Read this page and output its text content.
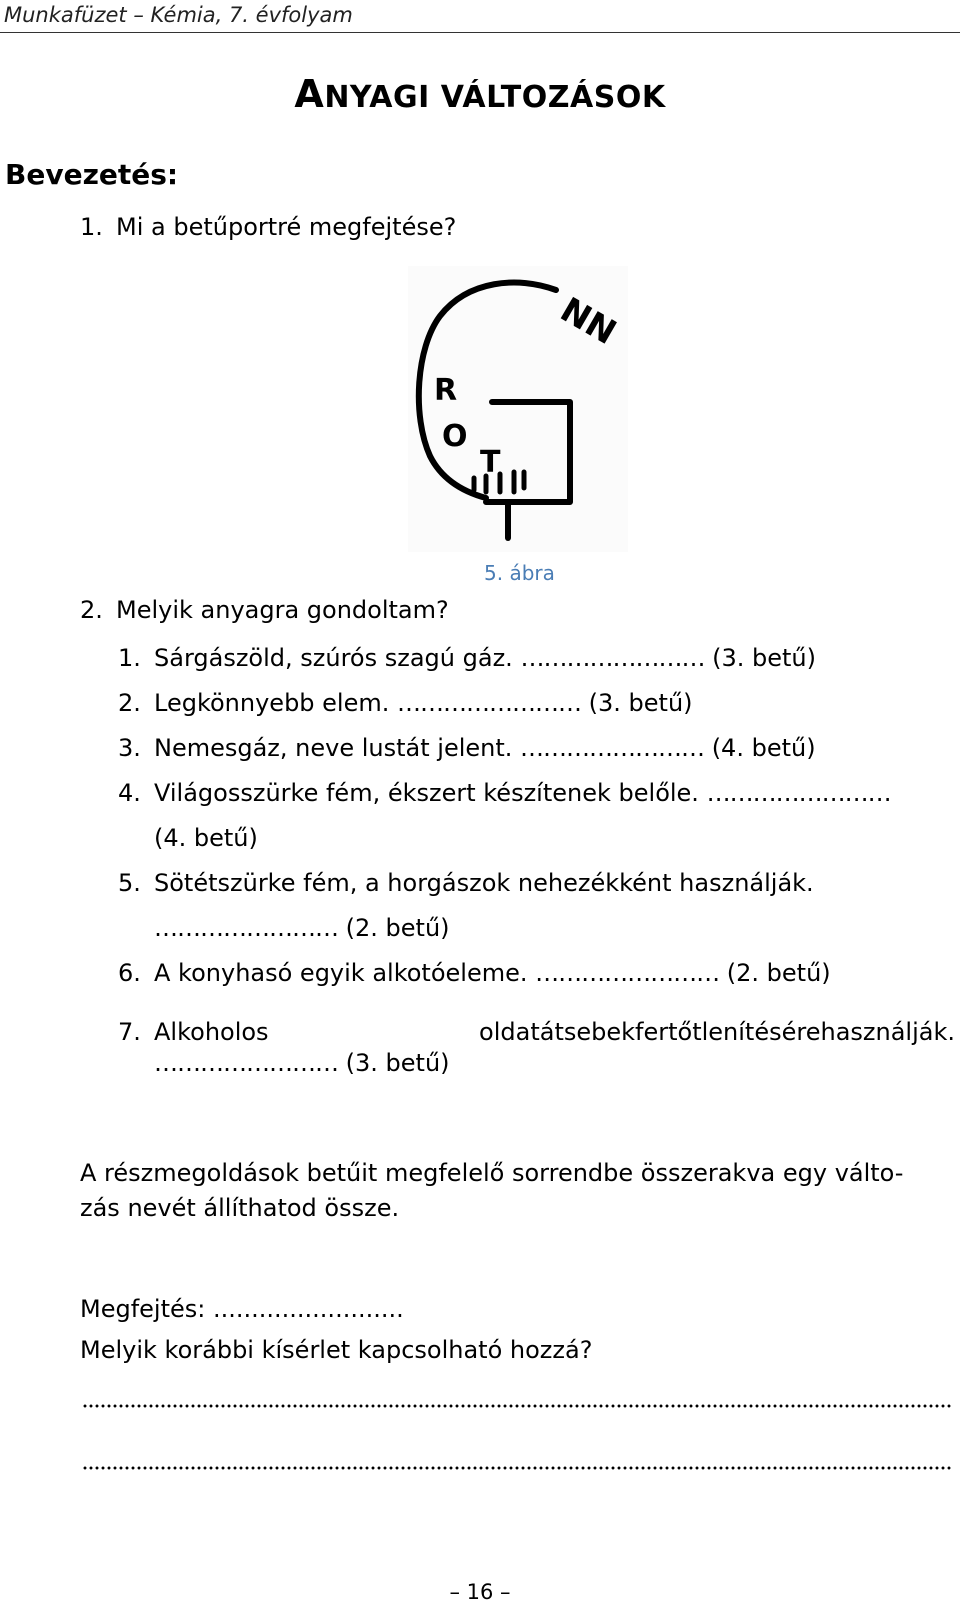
Munkafüzet – Kémia, 7. évfolyam
ANYAGI VÁLTOZÁSOK
Bevezetés:
1. Mi a betűportré megfejtése?
R
O
T
NN
5. ábra
2. Melyik anyagra gondoltam?
1. Sárgászöld, szúrós szagú gáz. …………………… (3. betű)
2. Legkönnyebb elem. …………………… (3. betű)
3. Nemesgáz, neve lustát jelent. …………………… (4. betű)
4. Világosszürke fém, ékszert készítenek belőle. ……………………
(4. betű)
5. Sötétszürke fém, a horgászok nehezékként használják.
…………………… (2. betű)
6. A konyhasó egyik alkotóeleme. …………………… (2. betű)
7. Alkoholos	oldatát sebek fertőtlenítésére használják.
…………………… (3. betű)
A részmegoldások betűit megfelelő sorrendbe összerakva egy válto-
zás nevét állíthatod össze.
Megfejtés: .........................
Melyik korábbi kísérlet kapcsolható hozzá?
– 16 –
